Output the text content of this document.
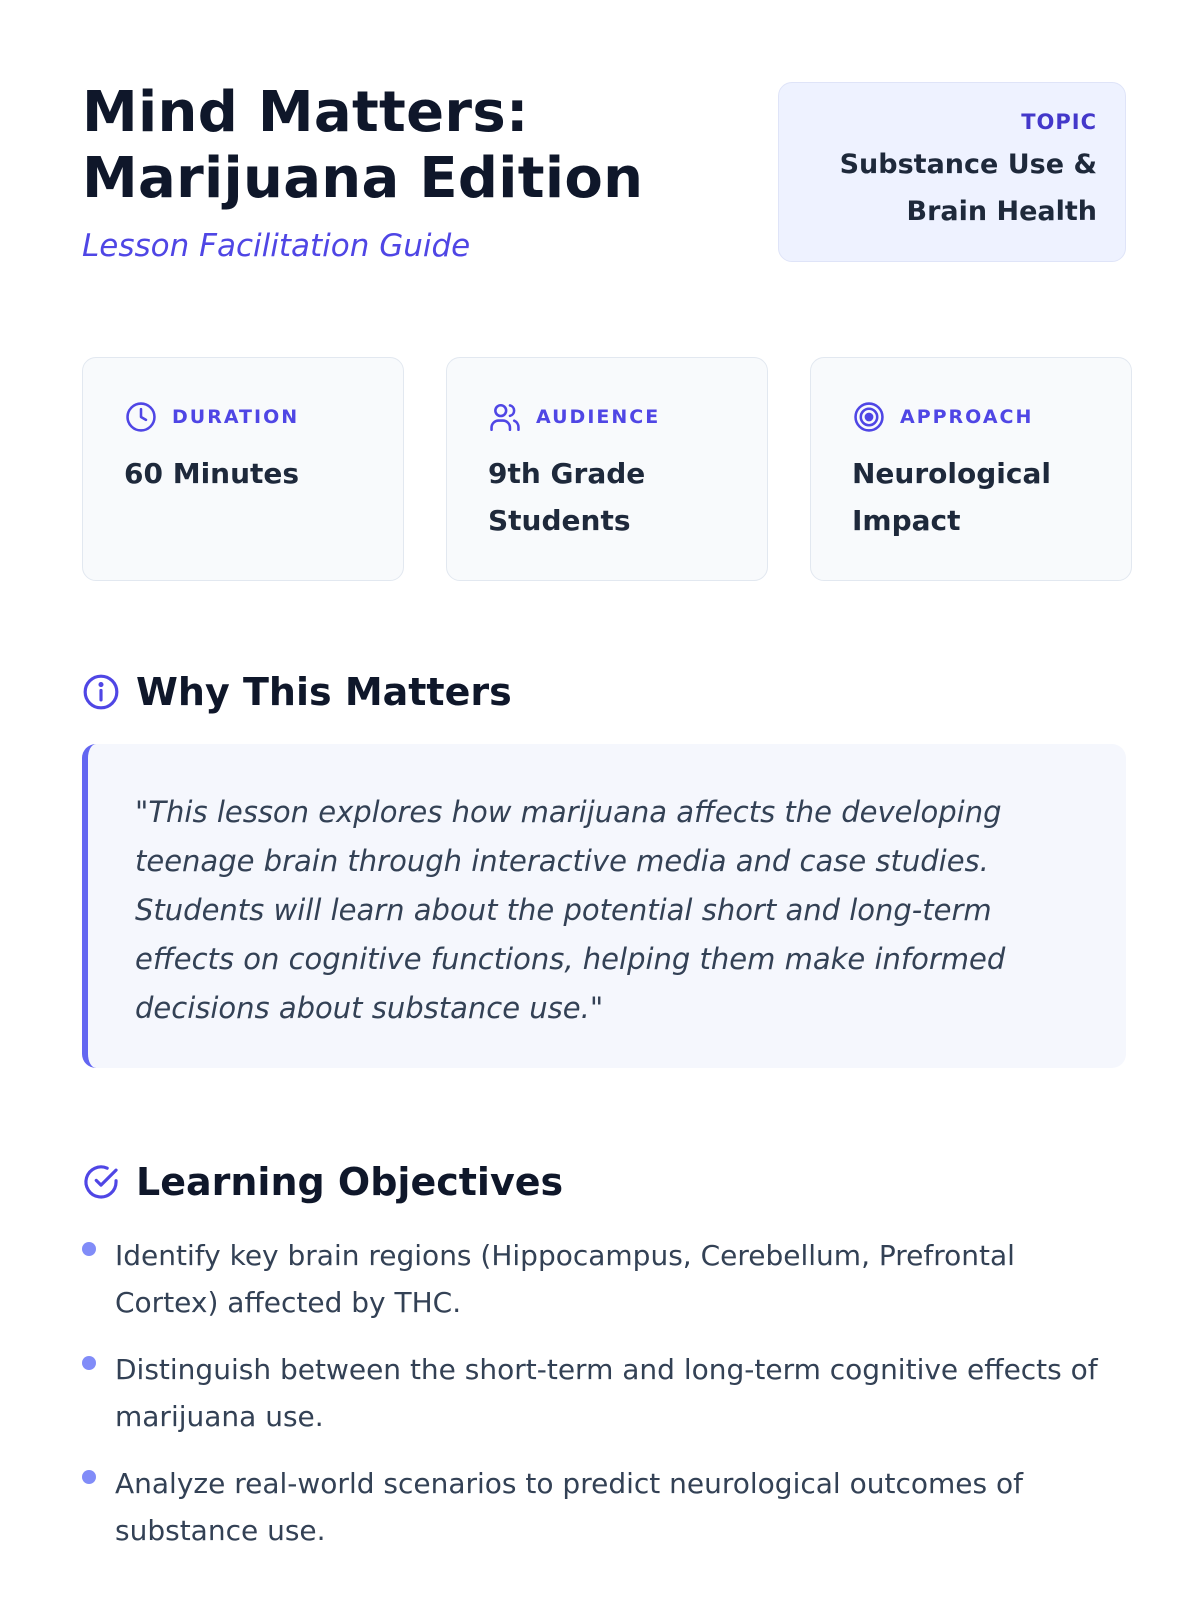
Mind Matters:
Marijuana Edition
Lesson Facilitation Guide
TOPIC
Substance Use & Brain Health
DURATION
60 Minutes
AUDIENCE
9th Grade Students
APPROACH
Neurological Impact
Why This Matters
"This lesson explores how marijuana affects the developing teenage brain through interactive media and case studies. Students will learn about the potential short and long-term effects on cognitive functions, helping them make informed decisions about substance use."
Learning Objectives
Identify key brain regions (Hippocampus, Cerebellum, Prefrontal Cortex) affected by THC.
Distinguish between the short-term and long-term cognitive effects of marijuana use.
Analyze real-world scenarios to predict neurological outcomes of substance use.
